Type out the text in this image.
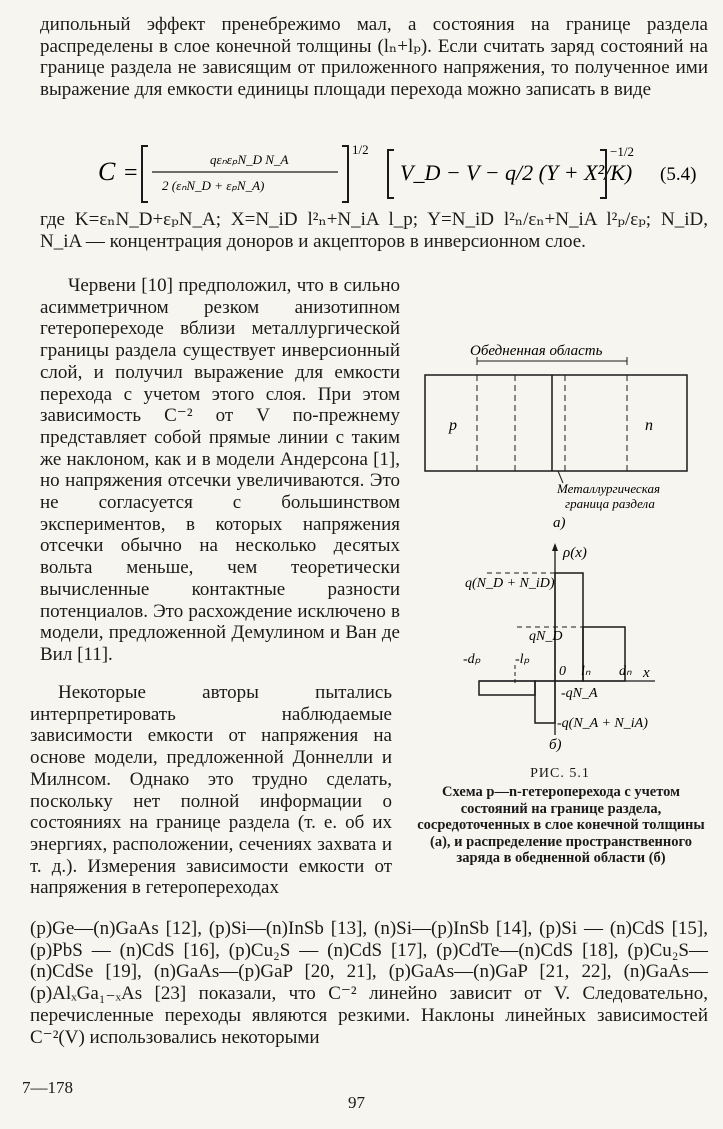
дипольный эффект пренебрежимо мал, а состояния на границе раздела распределены в слое конечной толщины (lₙ+lₚ). Если считать заряд состояний на границе раздела не зависящим от приложенного напряжения, то полученное ими выражение для емкости единицы площади перехода можно записать в виде

C =
qεₙεₚN_D N_A
2 (εₙN_D + εₚN_A)
1/2
V_D − V − q/2 (Y + X²/K)
−1/2
(5.4)

где K=εₙN_D+εₚN_A; X=N_iD l²ₙ+N_iA l_p; Y=N_iD l²ₙ/εₙ+N_iA l²ₚ/εₚ; N_iD, N_iA — концентрация доноров и акцепторов в инверсионном слое.

Червени [10] предположил, что в сильно асимметричном резком анизотипном гетеропереходе вблизи металлургической границы раздела существует инверсионный слой, и получил выражение для емкости перехода с учетом этого слоя. При этом зависимость C⁻² от V по-прежнему представляет собой прямые линии с таким же наклоном, как и в модели Андерсона [1], но напряжения отсечки увеличиваются. Это не согласуется с большинством экспериментов, в которых напряжения отсечки обычно на несколько десятых вольта меньше, чем теоретически вычисленные контактные разности потенциалов. Это расхождение исключено в модели, предложенной Демулином и Ван де Вил [11].

Некоторые авторы пытались интерпретировать наблюдаемые зависимости емкости от напряжения на основе модели, предложенной Доннелли и Милнсом. Однако это трудно сделать, поскольку нет полной информации о состояниях на границе раздела (т. е. об их энергиях, расположении, сечениях захвата и т. д.). Измерения зависимости емкости от напряжения в гетеропереходах

(p)Ge—(n)GaAs [12], (p)Si—(n)InSb [13], (n)Si—(p)InSb [14], (p)Si — (n)CdS [15], (p)PbS — (n)CdS [16], (p)Cu₂S — (n)CdS [17], (p)CdTe—(n)CdS [18], (p)Cu₂S—(n)CdSe [19], (n)GaAs—(p)GaP [20, 21], (p)GaAs—(n)GaP [21, 22], (n)GaAs—(p)AlₓGa₁₋ₓAs [23] показали, что C⁻² линейно зависит от V. Следовательно, перечисленные переходы являются резкими. Наклоны линейных зависимостей C⁻²(V) использовались некоторыми

Обедненная область
p	n
Металлургическая
граница раздела
а)
ρ(x)
x
q(N_D + N_iD)
qN_D
-dₚ -lₚ
0 lₙ dₙ
-qN_A
-q(N_A + N_iA)
б)
РИС. 5.1
Схема p—n-гетероперехода с учетом состояний на границе раздела, сосредоточенных в слое конечной толщины (а), и распределение пространственного заряда в обедненной области (б)
7—178
97
